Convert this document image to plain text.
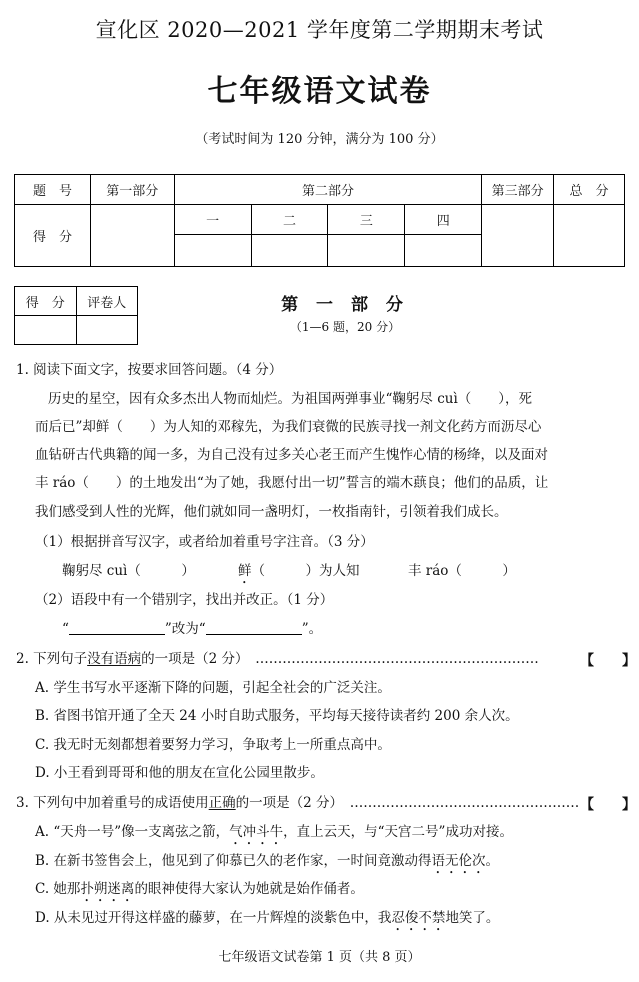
宣化区 2020—2021 学年度第二学期期末考试
七年级语文试卷
（考试时间为 120 分钟，满分为 100 分）
题　号	第一部分	第二部分				第三部分	总　分
得　分		一	二	三	四		

得　分	评卷人
		第 一 部 分
（1—6 题，20 分）
1. 阅读下面文字，按要求回答问题。（4 分）
历史的星空，因有众多杰出人物而灿烂。为祖国两弹事业“鞠躬尽 cuì（　　），死
而后已”却鲜（　　）为人知的邓稼先，为我们衰微的民族寻找一剂文化药方而沥尽心
血钻研古代典籍的闻一多，为自己没有过多关心老王而产生愧怍心情的杨绛，以及面对
丰 ráo（　　）的土地发出“为了她，我愿付出一切”誓言的端木蕻良；他们的品质，让
我们感受到人性的光辉，他们就如同一盏明灯，一枚指南针，引领着我们成长。
（1）根据拼音写汉字，或者给加着重号字注音。（3 分）
鞠躬尽 cuì（　　　）	鲜（　　　）为人知	丰 ráo（　　　）
（2）语段中有一个错别字，找出并改正。（1 分）
“	”改为“	”。
2. 下列句子没有语病的一项是（2 分）　………………………………………………………	【　　】
A. 学生书写水平逐渐下降的问题，引起全社会的广泛关注。
B. 省图书馆开通了全天 24 小时自助式服务，平均每天接待读者约 200 余人次。
C. 我无时无刻都想着要努力学习，争取考上一所重点高中。
D. 小王看到哥哥和他的朋友在宣化公园里散步。
3. 下列句中加着重号的成语使用正确的一项是（2 分）　…………………………………………… 【　　】
A. “天舟一号”像一支离弦之箭，气冲斗牛，直上云天，与“天宫二号”成功对接。
B. 在新书签售会上，他见到了仰慕已久的老作家，一时间竟激动得语无伦次。
C. 她那扑朔迷离的眼神使得大家认为她就是始作俑者。
D. 从未见过开得这样盛的藤萝，在一片辉煌的淡紫色中，我忍俊不禁地笑了。
七年级语文试卷第 1 页（共 8 页）
